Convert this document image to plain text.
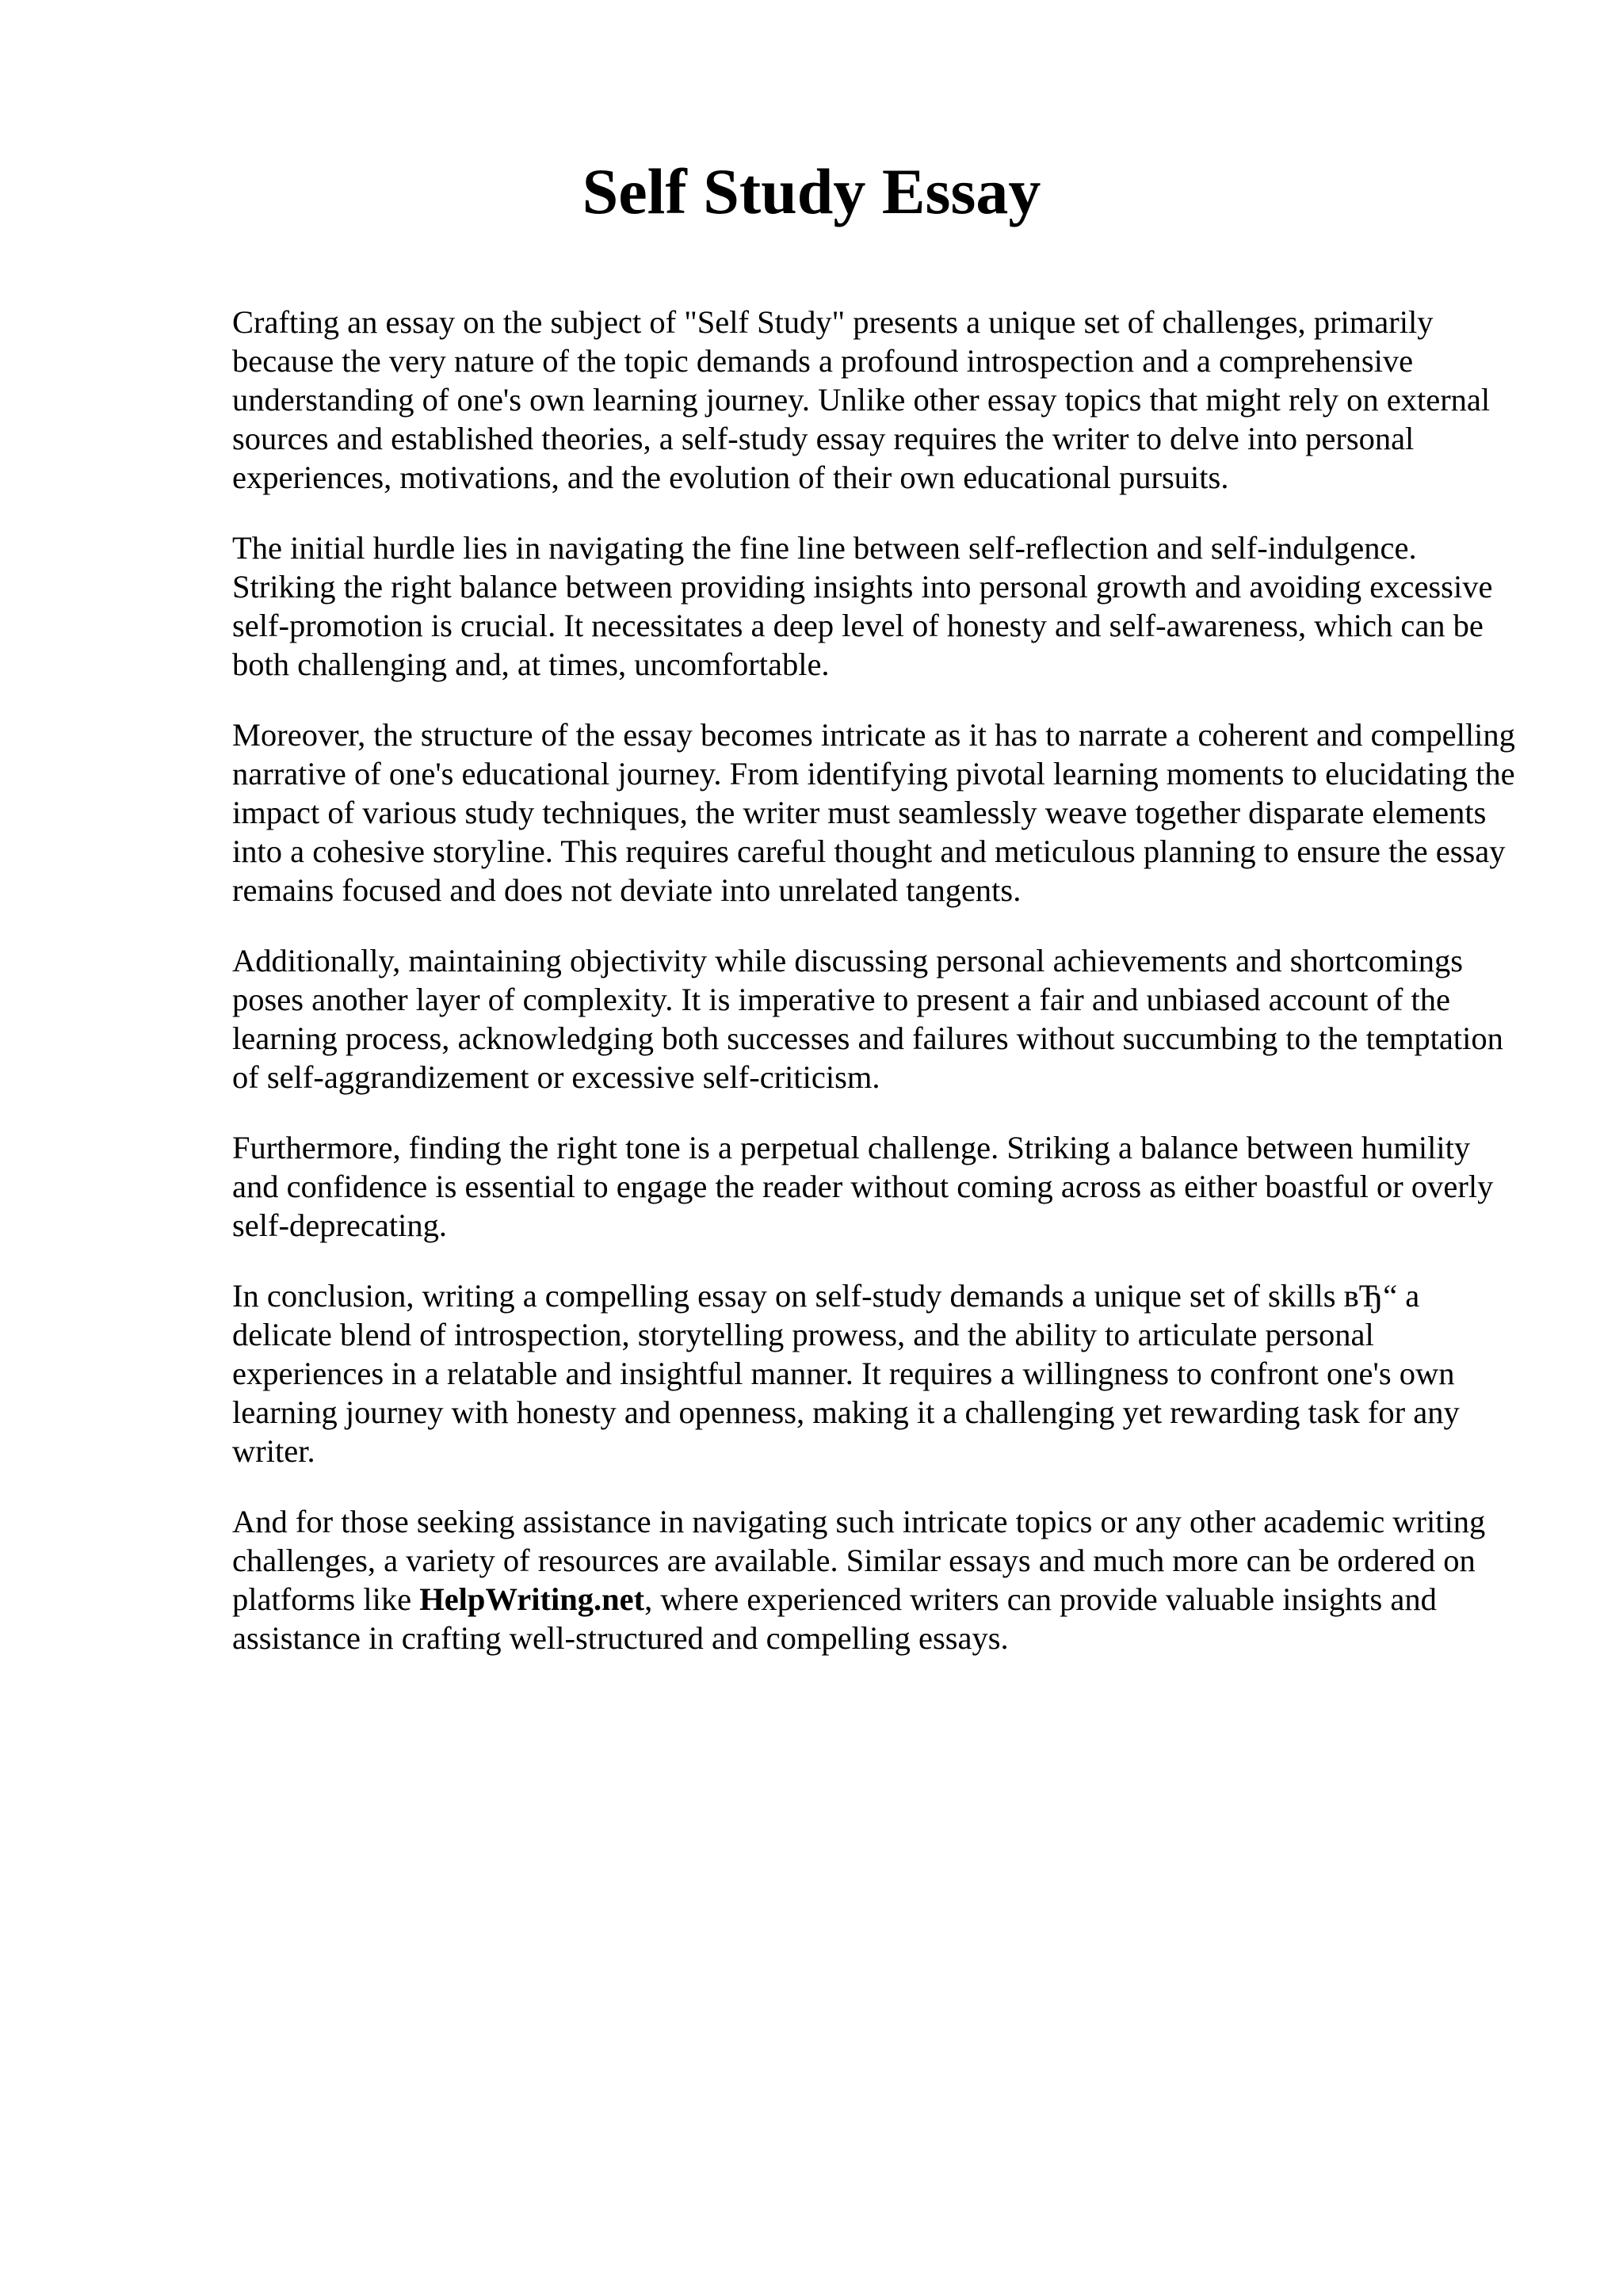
Self Study Essay

Crafting an essay on the subject of "Self Study" presents a unique set of challenges, primarily because the very nature of the topic demands a profound introspection and a comprehensive understanding of one's own learning journey. Unlike other essay topics that might rely on external sources and established theories, a self-study essay requires the writer to delve into personal experiences, motivations, and the evolution of their own educational pursuits.

The initial hurdle lies in navigating the fine line between self-reflection and self-indulgence. Striking the right balance between providing insights into personal growth and avoiding excessive self-promotion is crucial. It necessitates a deep level of honesty and self-awareness, which can be both challenging and, at times, uncomfortable.

Moreover, the structure of the essay becomes intricate as it has to narrate a coherent and compelling narrative of one's educational journey. From identifying pivotal learning moments to elucidating the impact of various study techniques, the writer must seamlessly weave together disparate elements into a cohesive storyline. This requires careful thought and meticulous planning to ensure the essay remains focused and does not deviate into unrelated tangents.

Additionally, maintaining objectivity while discussing personal achievements and shortcomings poses another layer of complexity. It is imperative to present a fair and unbiased account of the learning process, acknowledging both successes and failures without succumbing to the temptation of self-aggrandizement or excessive self-criticism.

Furthermore, finding the right tone is a perpetual challenge. Striking a balance between humility and confidence is essential to engage the reader without coming across as either boastful or overly self-deprecating.

In conclusion, writing a compelling essay on self-study demands a unique set of skills вЂ“ a delicate blend of introspection, storytelling prowess, and the ability to articulate personal experiences in a relatable and insightful manner. It requires a willingness to confront one's own learning journey with honesty and openness, making it a challenging yet rewarding task for any writer.

And for those seeking assistance in navigating such intricate topics or any other academic writing challenges, a variety of resources are available. Similar essays and much more can be ordered on platforms like HelpWriting.net, where experienced writers can provide valuable insights and assistance in crafting well-structured and compelling essays.
